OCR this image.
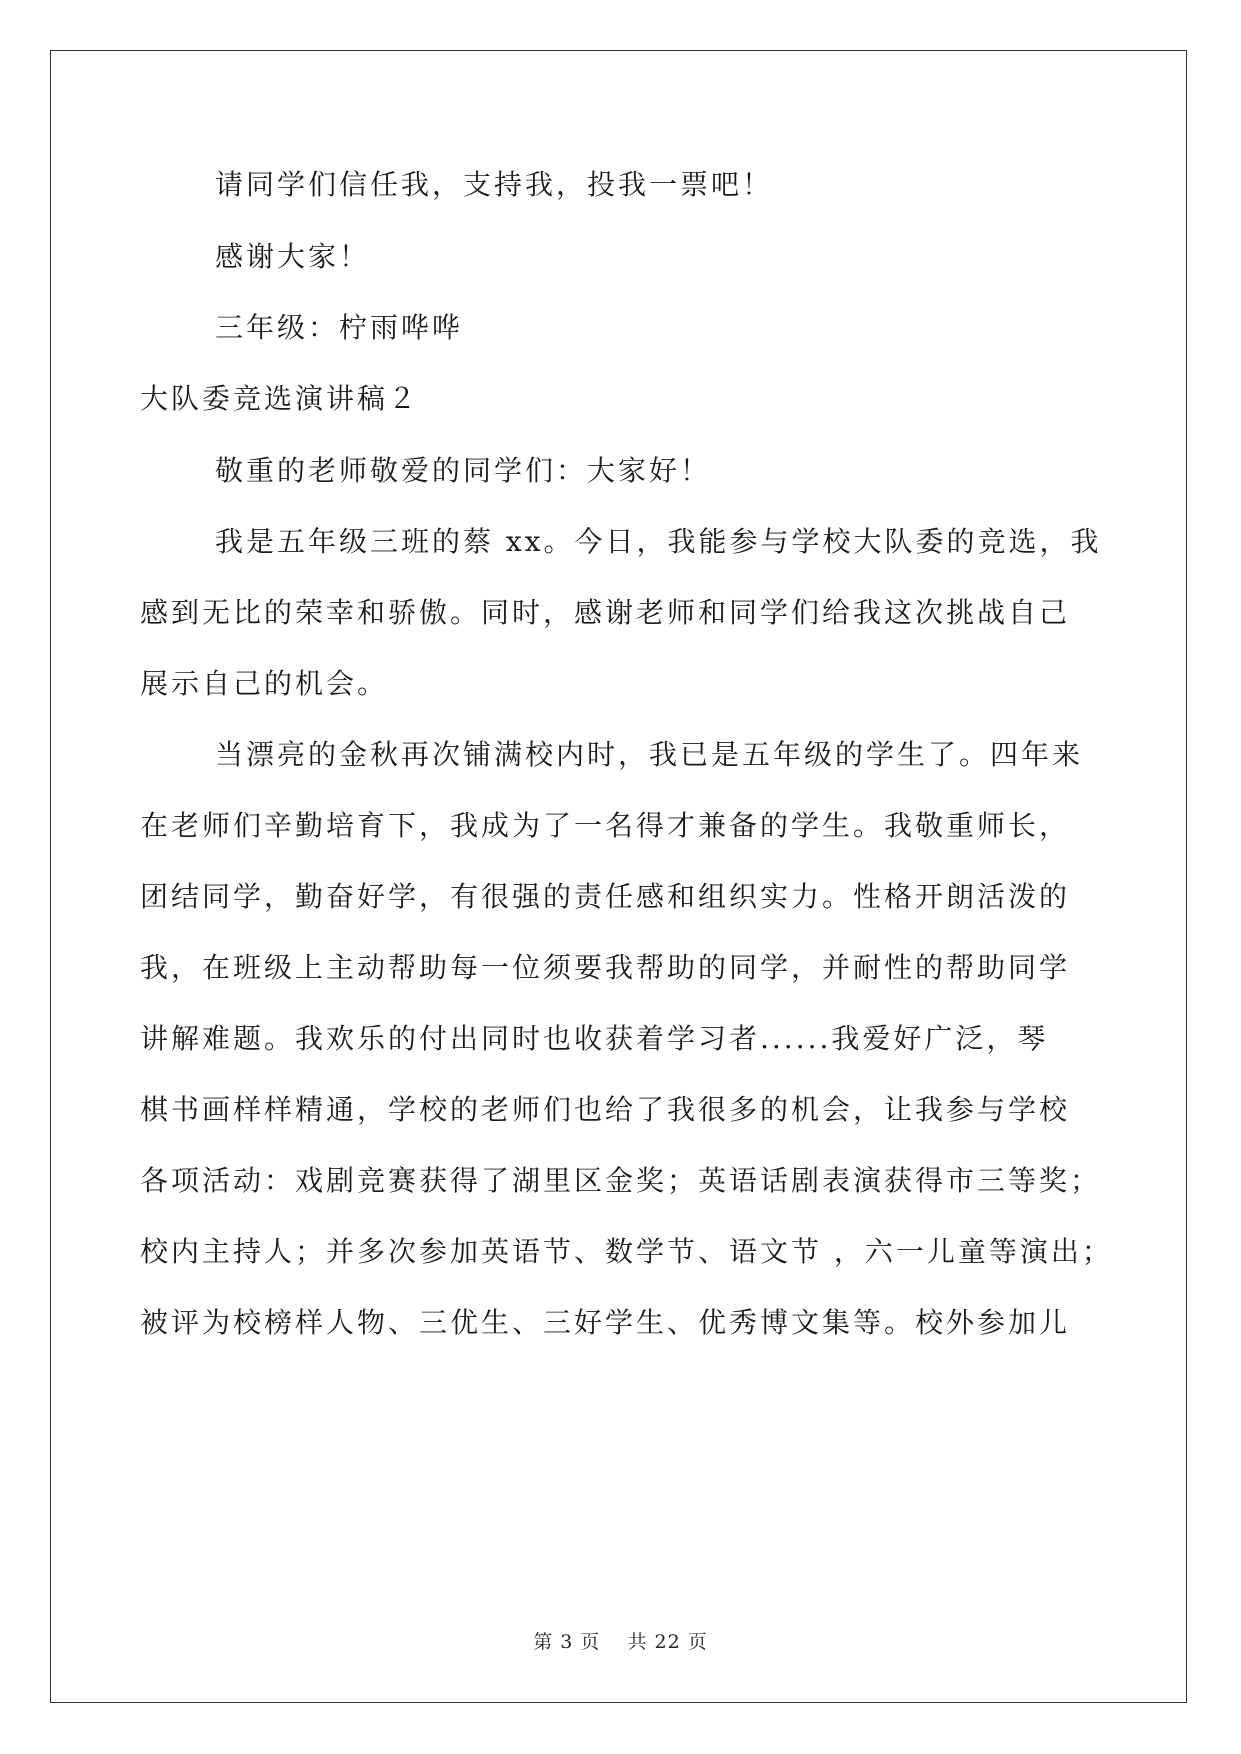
请同学们信任我，支持我，投我一票吧！

感谢大家！

三年级：柠雨哗哗

大队委竞选演讲稿２

敬重的老师敬爱的同学们：大家好！

我是五年级三班的蔡 xx。今日，我能参与学校大队委的竞选，我

感到无比的荣幸和骄傲。同时，感谢老师和同学们给我这次挑战自己

展示自己的机会。

当漂亮的金秋再次铺满校内时，我已是五年级的学生了。四年来

在老师们辛勤培育下，我成为了一名得才兼备的学生。我敬重师长，

团结同学，勤奋好学，有很强的责任感和组织实力。性格开朗活泼的

我，在班级上主动帮助每一位须要我帮助的同学，并耐性的帮助同学

讲解难题。我欢乐的付出同时也收获着学习者......我爱好广泛，琴

棋书画样样精通，学校的老师们也给了我很多的机会，让我参与学校

各项活动：戏剧竞赛获得了湖里区金奖；英语话剧表演获得市三等奖；

校内主持人；并多次参加英语节、数学节、语文节 ，六一儿童等演出；

被评为校榜样人物、三优生、三好学生、优秀博文集等。校外参加儿

第 3 页 共 22 页
